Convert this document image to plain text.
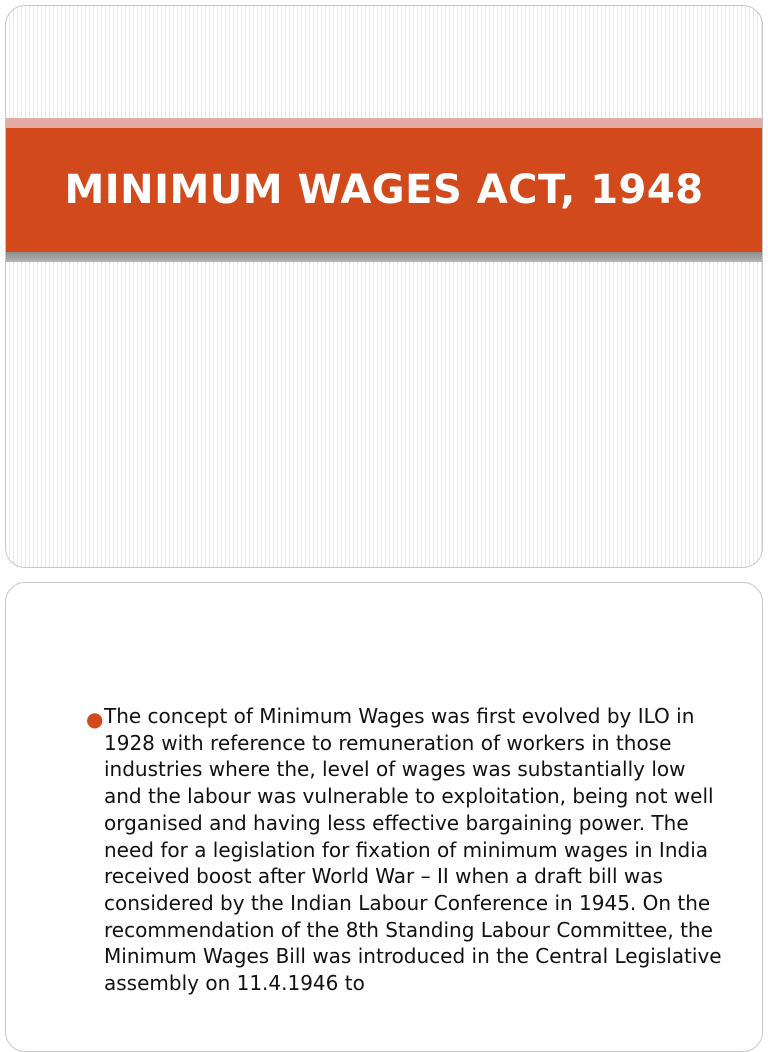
MINIMUM WAGES ACT, 1948
● The concept of Minimum Wages was first evolved by ILO in 1928 with reference to remuneration of workers in those industries where the, level of wages was substantially low and the labour was vulnerable to exploitation, being not well organised and having less effective bargaining power. The need for a legislation for fixation of minimum wages in India received boost after World War – II when a draft bill was considered by the Indian Labour Conference in 1945. On the recommendation of the 8th Standing Labour Committee, the Minimum Wages Bill was introduced in the Central Legislative assembly on 11.4.1946 to
